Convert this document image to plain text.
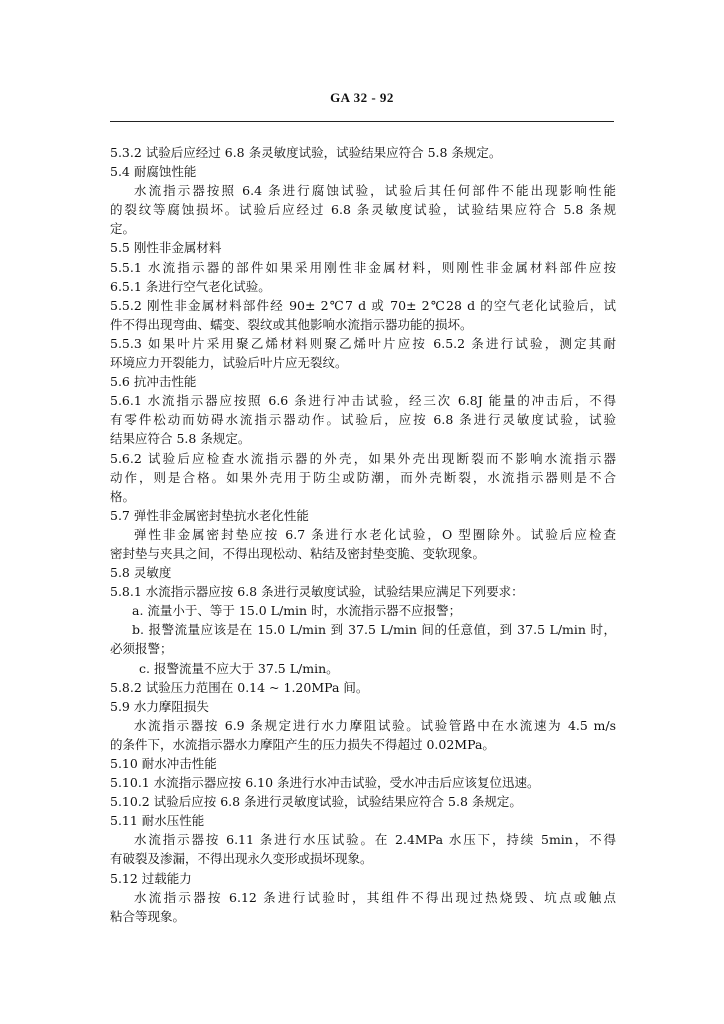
GA 32 - 92
5.3.2 试验后应经过 6.8 条灵敏度试验，试验结果应符合 5.8 条规定。
5.4 耐腐蚀性能
水流指示器按照 6.4 条进行腐蚀试验，试验后其任何部件不能出现影响性能
的裂纹等腐蚀损坏。试验后应经过 6.8 条灵敏度试验，试验结果应符合 5.8 条规
定。
5.5 刚性非金属材料
5.5.1 水流指示器的部件如果采用刚性非金属材料，则刚性非金属材料部件应按
6.5.1 条进行空气老化试验。
5.5.2 刚性非金属材料部件经 90± 2℃7 d 或 70± 2℃28 d 的空气老化试验后，试
件不得出现弯曲、蠕变、裂纹或其他影响水流指示器功能的损坏。
5.5.3 如果叶片采用聚乙烯材料则聚乙烯叶片应按 6.5.2 条进行试验，测定其耐
环境应力开裂能力，试验后叶片应无裂纹。
5.6 抗冲击性能
5.6.1 水流指示器应按照 6.6 条进行冲击试验，经三次 6.8J 能量的冲击后，不得
有零件松动而妨碍水流指示器动作。试验后，应按 6.8 条进行灵敏度试验，试验
结果应符合 5.8 条规定。
5.6.2 试验后应检查水流指示器的外壳，如果外壳出现断裂而不影响水流指示器
动作，则是合格。如果外壳用于防尘或防潮，而外壳断裂，水流指示器则是不合
格。
5.7 弹性非金属密封垫抗水老化性能
弹性非金属密封垫应按 6.7 条进行水老化试验，O 型圈除外。试验后应检查
密封垫与夹具之间，不得出现松动、粘结及密封垫变脆、变软现象。
5.8 灵敏度
5.8.1 水流指示器应按 6.8 条进行灵敏度试验，试验结果应满足下列要求：
a. 流量小于、等于 15.0 L/min 时，水流指示器不应报警；
b. 报警流量应该是在 15.0 L/min 到 37.5 L/min 间的任意值，到 37.5 L/min 时，
必须报警；
c. 报警流量不应大于 37.5 L/min。
5.8.2 试验压力范围在 0.14 ~ 1.20MPa 间。
5.9 水力摩阻损失
水流指示器按 6.9 条规定进行水力摩阻试验。试验管路中在水流速为 4.5 m/s
的条件下，水流指示器水力摩阻产生的压力损失不得超过 0.02MPa。
5.10 耐水冲击性能
5.10.1 水流指示器应按 6.10 条进行水冲击试验，受水冲击后应该复位迅速。
5.10.2 试验后应按 6.8 条进行灵敏度试验，试验结果应符合 5.8 条规定。
5.11 耐水压性能
水流指示器按 6.11 条进行水压试验。在 2.4MPa 水压下，持续 5min，不得
有破裂及渗漏，不得出现永久变形或损坏现象。
5.12 过载能力
水流指示器按 6.12 条进行试验时，其组件不得出现过热烧毁、坑点或触点
粘合等现象。
